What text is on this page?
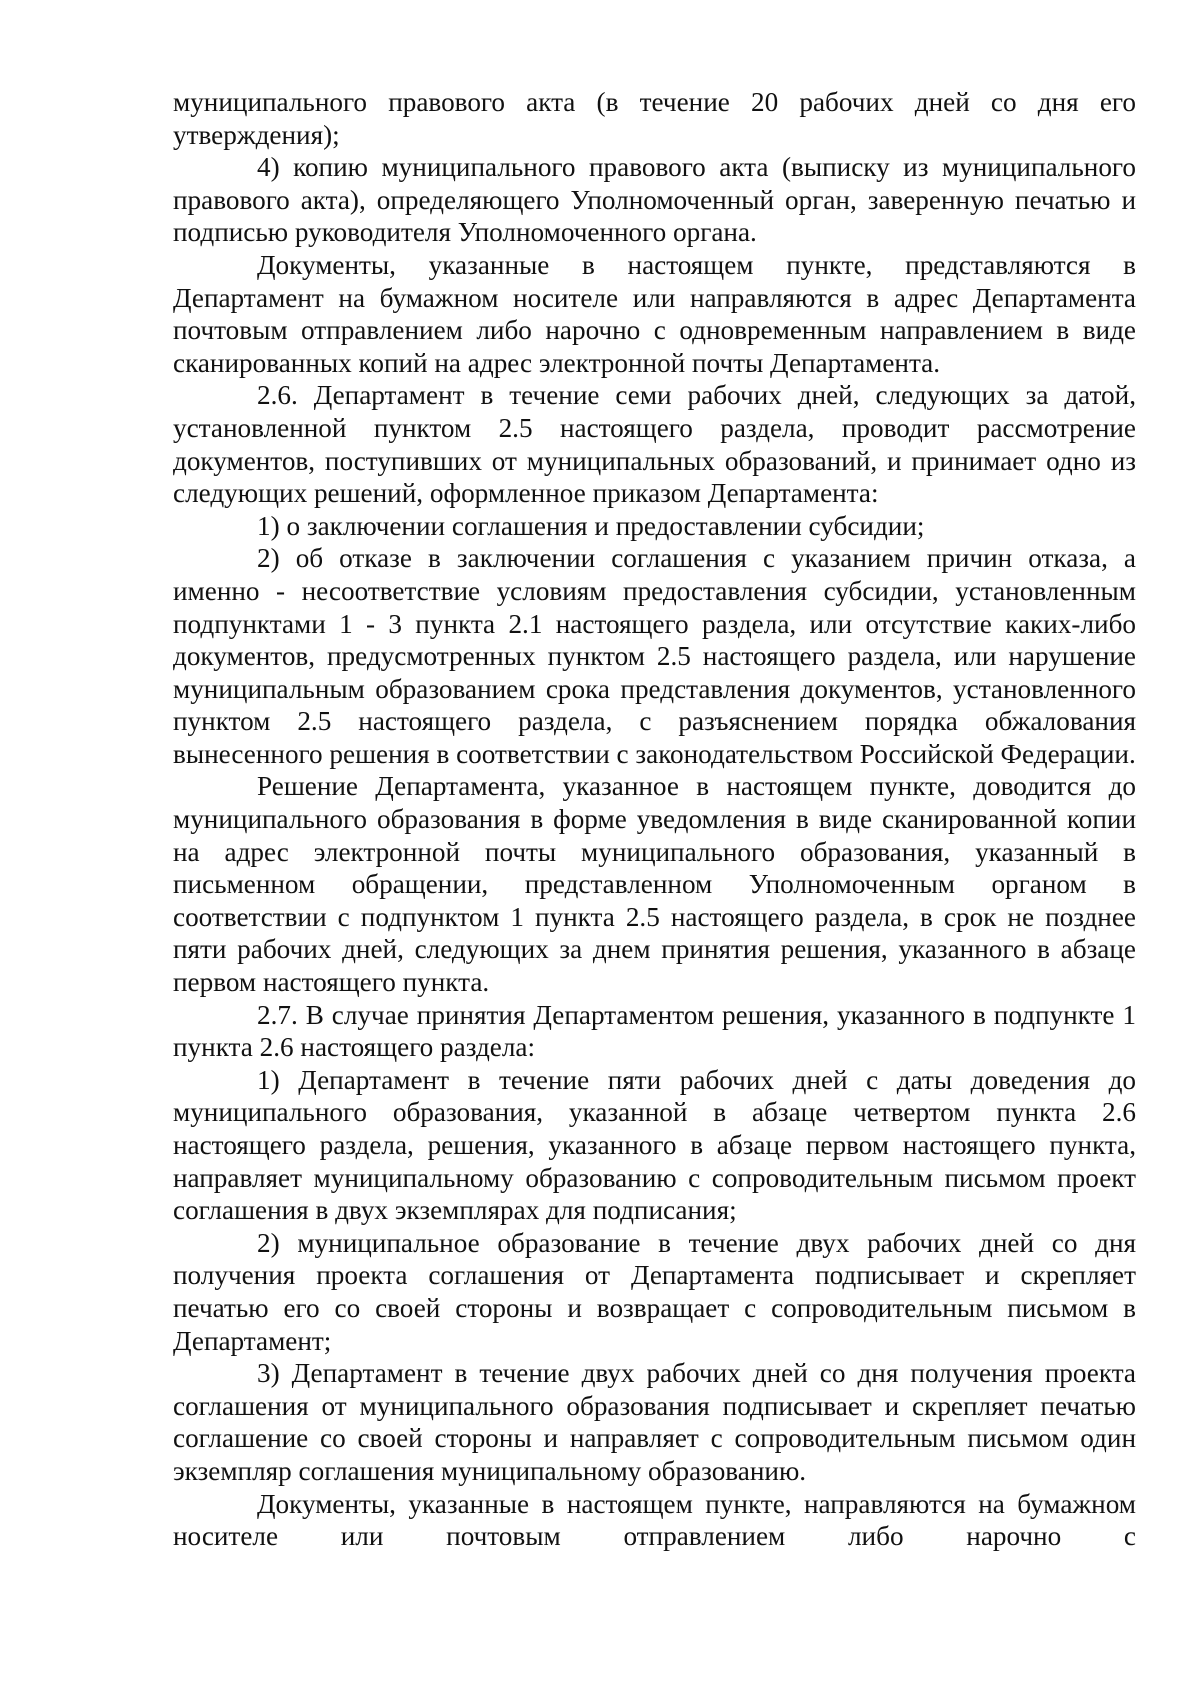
муниципального правового акта (в течение 20 рабочих дней со дня его утверждения);

4) копию муниципального правового акта (выписку из муниципального правового акта), определяющего Уполномоченный орган, заверенную печатью и подписью руководителя Уполномоченного органа.

Документы, указанные в настоящем пункте, представляются в Департамент на бумажном носителе или направляются в адрес Департамента почтовым отправлением либо нарочно с одновременным направлением в виде сканированных копий на адрес электронной почты Департамента.

2.6. Департамент в течение семи рабочих дней, следующих за датой, установленной пунктом 2.5 настоящего раздела, проводит рассмотрение документов, поступивших от муниципальных образований, и принимает одно из следующих решений, оформленное приказом Департамента:

1) о заключении соглашения и предоставлении субсидии;

2) об отказе в заключении соглашения с указанием причин отказа, а именно - несоответствие условиям предоставления субсидии, установленным подпунктами 1 - 3 пункта 2.1 настоящего раздела, или отсутствие каких-либо документов, предусмотренных пунктом 2.5 настоящего раздела, или нарушение муниципальным образованием срока представления документов, установленного пунктом 2.5 настоящего раздела, с разъяснением порядка обжалования вынесенного решения в соответствии с законодательством Российской Федерации.

Решение Департамента, указанное в настоящем пункте, доводится до муниципального образования в форме уведомления в виде сканированной копии на адрес электронной почты муниципального образования, указанный в письменном обращении, представленном Уполномоченным органом в соответствии с подпунктом 1 пункта 2.5 настоящего раздела, в срок не позднее пяти рабочих дней, следующих за днем принятия решения, указанного в абзаце первом настоящего пункта.

2.7. В случае принятия Департаментом решения, указанного в подпункте 1 пункта 2.6 настоящего раздела:

1) Департамент в течение пяти рабочих дней с даты доведения до муниципального образования, указанной в абзаце четвертом пункта 2.6 настоящего раздела, решения, указанного в абзаце первом настоящего пункта, направляет муниципальному образованию с сопроводительным письмом проект соглашения в двух экземплярах для подписания;

2) муниципальное образование в течение двух рабочих дней со дня получения проекта соглашения от Департамента подписывает и скрепляет печатью его со своей стороны и возвращает с сопроводительным письмом в Департамент;

3) Департамент в течение двух рабочих дней со дня получения проекта соглашения от муниципального образования подписывает и скрепляет печатью соглашение со своей стороны и направляет с сопроводительным письмом один экземпляр соглашения муниципальному образованию.

Документы, указанные в настоящем пункте, направляются на бумажном носителе или почтовым отправлением либо нарочно с
